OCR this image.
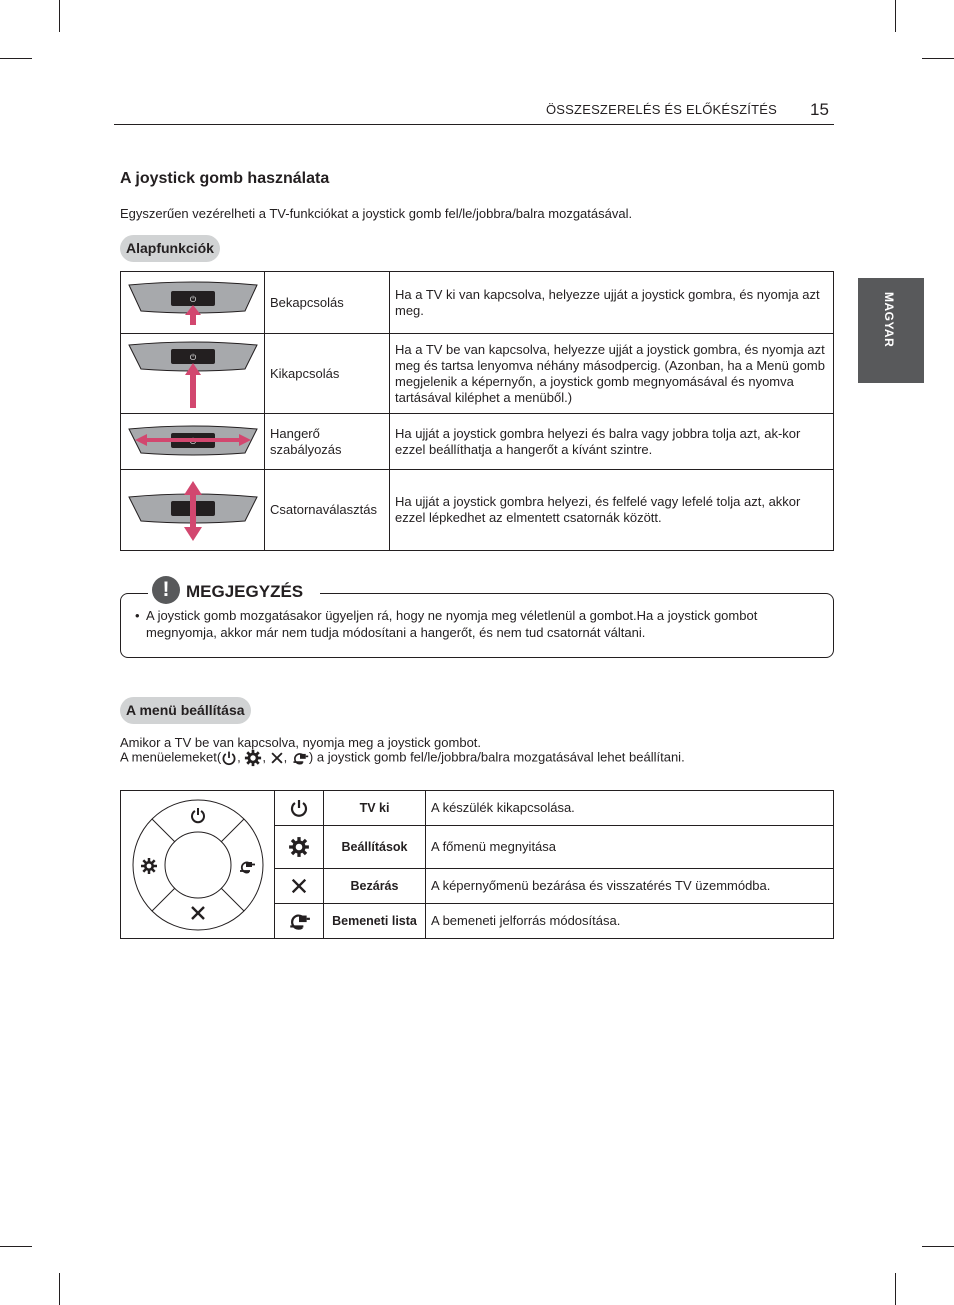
ÖSSZESZERELÉS ÉS ELŐKÉSZÍTÉS 15
MAGYAR
A joystick gomb használata
Egyszerűen vezérelheti a TV-funkciókat a joystick gomb fel/le/jobbra/balra mozgatásával.
Alapfunkciók
⏻	Bekapcsolás	Ha a TV ki van kapcsolva, helyezze ujját a joystick gombra, és nyomja azt meg.

⏻	Kikapcsolás	Ha a TV be van kapcsolva, helyezze ujját a joystick gombra, és nyomja azt meg és tartsa lenyomva néhány másodpercig. (Azonban, ha a Menü gomb megjelenik a képernyőn, a joystick gomb megnyomásával és nyomva tartásával kiléphet a menüből.)

	Hangerő szabályozás	Ha ujját a joystick gombra helyezi és balra vagy jobbra tolja azt, ak-kor ezzel beállíthatja a hangerőt a kívánt szintre.

	Csatornaválasztás	Ha ujját a joystick gombra helyezi, és felfelé vagy lefelé tolja azt, akkor ezzel lépkedhet az elmentett csatornák között.
! MEGJEGYZÉS
• A joystick gomb mozgatásakor ügyeljen rá, hogy ne nyomja meg véletlenül a gombot.Ha a joystick gombot megnyomja, akkor már nem tudja módosítani a hangerőt, és nem tud csatornát váltani.
A menü beállítása
Amikor a TV be van kapcsolva, nyomja meg a joystick gombot.
A menüelemeket( , , , ) a joystick gomb fel/le/jobbra/balra mozgatásával lehet beállítani.

	TV ki	A készülék kikapcsolása.

	Beállítások	A főmenü megnyitása

	Bezárás	A képernyőmenü bezárása és visszatérés TV üzemmódba.

	Bemeneti lista	A bemeneti jelforrás módosítása.
